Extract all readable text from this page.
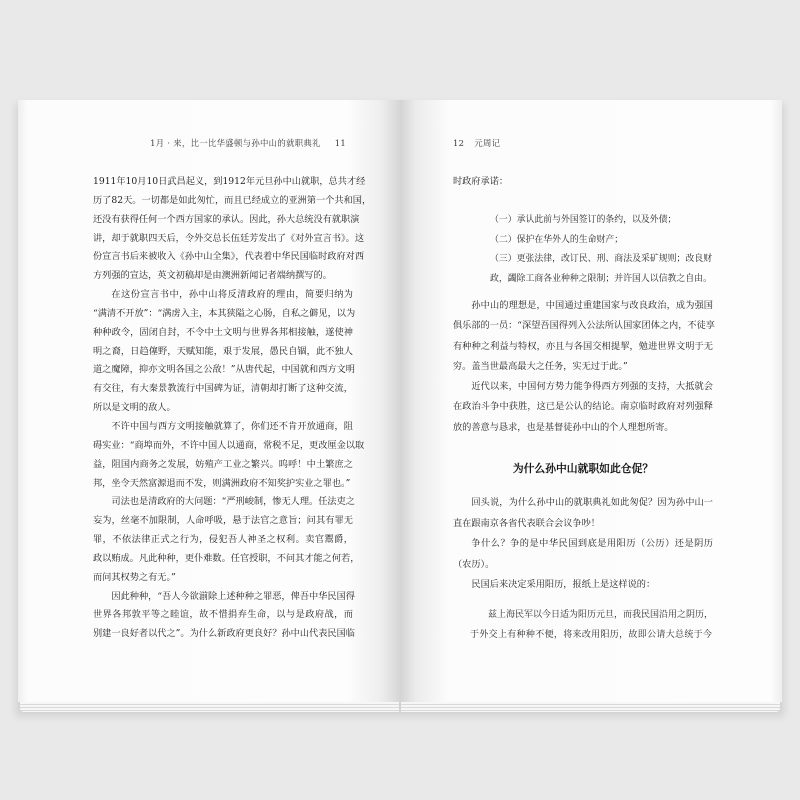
1月 · 来，比一比华盛顿与孙中山的就职典礼 11	12 元周记
1911年10月10日武昌起义，到1912年元旦孙中山就职，总共才经
历了82天。一切都是如此匆忙，而且已经成立的亚洲第一个共和国，
还没有获得任何一个西方国家的承认。因此，孙大总统没有就职演
讲，却于就职四天后，令外交总长伍廷芳发出了《对外宣言书》。这
份宣言书后来被收入《孙中山全集》，代表着中华民国临时政府对西
方列强的宣达，英文初稿却是由澳洲新闻记者端纳撰写的。
在这份宣言书中，孙中山将反清政府的理由，简要归纳为
“满清不开放”：“满虏入主，本其狭隘之心肠，自私之僻见，以为
种种政令，固闭自封，不令中土文明与世界各邦相接触，遂使神
明之裔，日趋僿野，天赋知能，艰于发展，愚民自锢，此不独人
道之魔障，抑亦文明各国之公敌！”从唐代起，中国就和西方文明
有交往，有大秦景教流行中国碑为证，清朝却打断了这种交流，
所以是文明的敌人。
不许中国与西方文明接触就算了，你们还不肯开放通商，阻
碍实业：“商埠而外，不许中国人以通商，常税不足，更改厘金以取
益，阻国内商务之发展，妨殖产工业之繁兴。呜呼！中土繁庶之
邦，坐令天然富源退而不发，则满洲政府不知奖护实业之罪也。”
司法也是清政府的大问题：“严刑峻制，惨无人理。任法吏之
妄为，丝毫不加限制，人命呼吸，悬于法官之意旨；问其有罪无
罪，不依法律正式之行为，侵犯吾人神圣之权利。卖官鬻爵，
政以贿成。凡此种种，更仆难数。任官授职，不问其才能之何若，
而问其权势之有无。”
因此种种，“吾人今欲湔除上述种种之罪恶，俾吾中华民国得
世界各邦敦平等之睦谊，故不惜捐弃生命，以与是政府战，而
别建一良好者以代之”。为什么新政府更良好？孙中山代表民国临
时政府承诺：
（一）承认此前与外国签订的条约，以及外债；
（二）保护在华外人的生命财产；
（三）更张法律，改订民、刑、商法及采矿规则；改良财
政，蠲除工商各业种种之限制；并许国人以信教之自由。
孙中山的理想是，中国通过重建国家与改良政治，成为强国
俱乐部的一员：“深望吾国得列入公法所认国家团体之内，不徒享
有种种之利益与特权，亦且与各国交相提挈，勉进世界文明于无
穷。盖当世最高最大之任务，实无过于此。”
近代以来，中国何方势力能争得西方列强的支持，大抵就会
在政治斗争中获胜，这已是公认的结论。南京临时政府对列强释
放的善意与恳求，也是基督徒孙中山的个人理想所寄。
为什么孙中山就职如此仓促？
回头说，为什么孙中山的就职典礼如此匆促？因为孙中山一
直在跟南京各省代表联合会议争吵！
争什么？争的是中华民国到底是用阳历（公历）还是阴历
（农历）。
民国后来决定采用阳历，报纸上是这样说的：
兹上海民军以今日适为阳历元旦，而我民国沿用之阴历，
于外交上有种种不便，将来改用阳历，故即公请大总统于今
